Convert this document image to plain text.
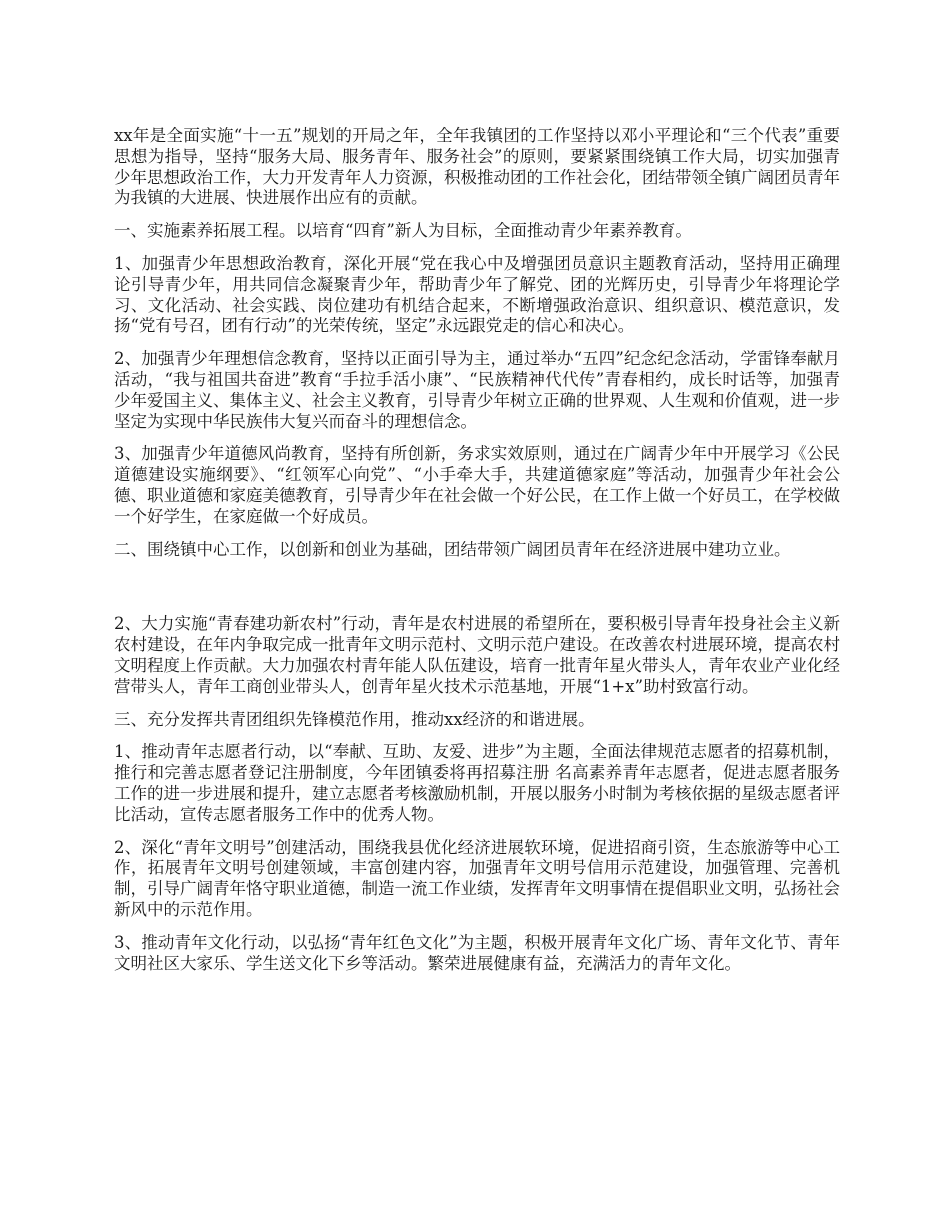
xx年是全面实施“十一五”规划的开局之年，全年我镇团的工作坚持以邓小平理论和“三个代表”重要思想为指导，坚持“服务大局、服务青年、服务社会”的原则，要紧紧围绕镇工作大局，切实加强青少年思想政治工作，大力开发青年人力资源，积极推动团的工作社会化，团结带领全镇广阔团员青年为我镇的大进展、快进展作出应有的贡献。

一、实施素养拓展工程。以培育“四育”新人为目标，全面推动青少年素养教育。

1、加强青少年思想政治教育，深化开展“党在我心中及增强团员意识主题教育活动，坚持用正确理论引导青少年，用共同信念凝聚青少年，帮助青少年了解党、团的光辉历史，引导青少年将理论学习、文化活动、社会实践、岗位建功有机结合起来，不断增强政治意识、组织意识、模范意识，发扬“党有号召，团有行动”的光荣传统，坚定”永远跟党走的信心和决心。

2、加强青少年理想信念教育，坚持以正面引导为主，通过举办“五四”纪念纪念活动，学雷锋奉献月活动，“我与祖国共奋进”教育“手拉手活小康”、“民族精神代代传”青春相约，成长时话等，加强青少年爱国主义、集体主义、社会主义教育，引导青少年树立正确的世界观、人生观和价值观，进一步坚定为实现中华民族伟大复兴而奋斗的理想信念。

3、加强青少年道德风尚教育，坚持有所创新，务求实效原则，通过在广阔青少年中开展学习《公民道德建设实施纲要》、“红领军心向党”、“小手牵大手，共建道德家庭”等活动，加强青少年社会公德、职业道德和家庭美德教育，引导青少年在社会做一个好公民，在工作上做一个好员工，在学校做一个好学生，在家庭做一个好成员。

二、围绕镇中心工作，以创新和创业为基础，团结带领广阔团员青年在经济进展中建功立业。

2、大力实施“青春建功新农村”行动，青年是农村进展的希望所在，要积极引导青年投身社会主义新农村建设，在年内争取完成一批青年文明示范村、文明示范户建设。在改善农村进展环境，提高农村文明程度上作贡献。大力加强农村青年能人队伍建设，培育一批青年星火带头人，青年农业产业化经营带头人，青年工商创业带头人，创青年星火技术示范基地，开展“1+x”助村致富行动。

三、充分发挥共青团组织先锋模范作用，推动xx经济的和谐进展。

1、推动青年志愿者行动，以“奉献、互助、友爱、进步”为主题，全面法律规范志愿者的招募机制，推行和完善志愿者登记注册制度，今年团镇委将再招募注册 名高素养青年志愿者，促进志愿者服务工作的进一步进展和提升，建立志愿者考核激励机制，开展以服务小时制为考核依据的星级志愿者评比活动，宣传志愿者服务工作中的优秀人物。

2、深化“青年文明号”创建活动，围绕我县优化经济进展软环境，促进招商引资，生态旅游等中心工作，拓展青年文明号创建领域，丰富创建内容，加强青年文明号信用示范建设，加强管理、完善机制，引导广阔青年恪守职业道德，制造一流工作业绩，发挥青年文明事情在提倡职业文明，弘扬社会新风中的示范作用。

3、推动青年文化行动，以弘扬“青年红色文化”为主题，积极开展青年文化广场、青年文化节、青年文明社区大家乐、学生送文化下乡等活动。繁荣进展健康有益，充满活力的青年文化。
